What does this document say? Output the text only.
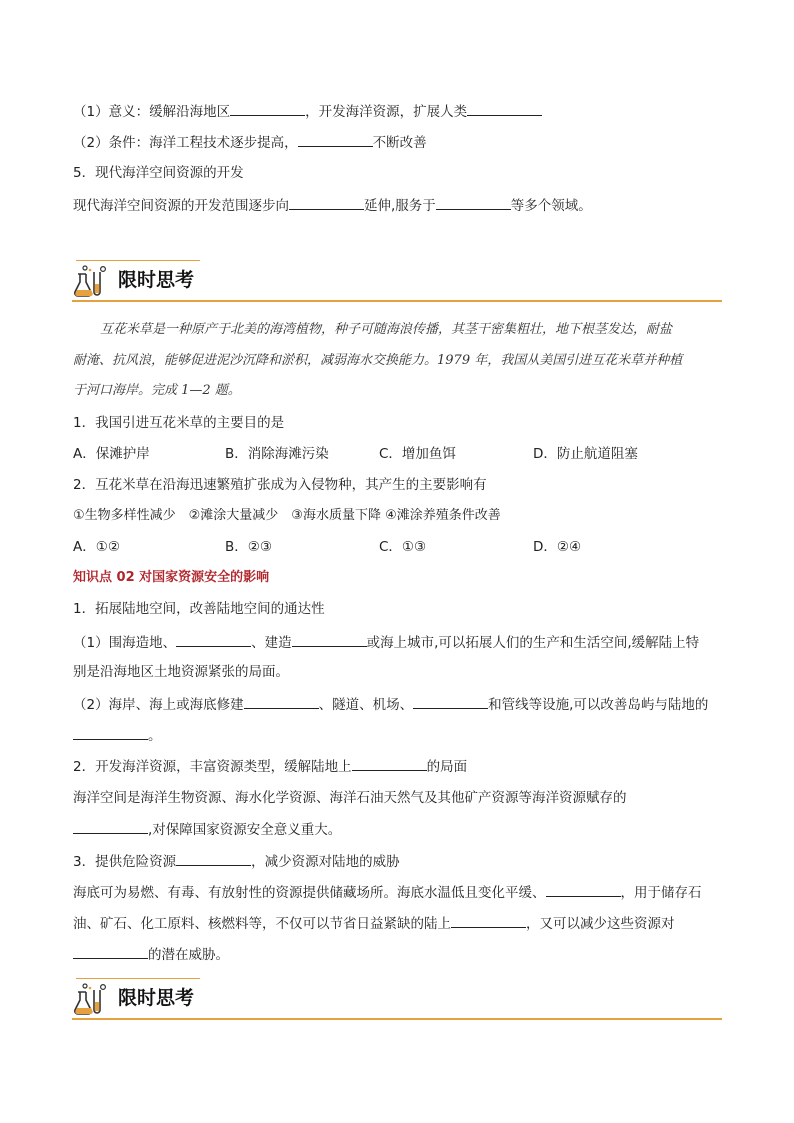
（1）意义：缓解沿海地区	，开发海洋资源，扩展人类
（2）条件：海洋工程技术逐步提高，	不断改善
5．现代海洋空间资源的开发
现代海洋空间资源的开发范围逐步向	延伸,服务于	等多个领域。
限时思考
互花米草是一种原产于北美的海湾植物，种子可随海浪传播，其茎干密集粗壮，地下根茎发达，耐盐
耐淹、抗风浪，能够促进泥沙沉降和淤积，减弱海水交换能力。1979 年，我国从美国引进互花米草并种植
于河口海岸。完成 1—2 题。
1．我国引进互花米草的主要目的是
A．保滩护岸	B．消除海滩污染	C．增加鱼饵	D．防止航道阻塞
2．互花米草在沿海迅速繁殖扩张成为入侵物种，其产生的主要影响有
①生物多样性减少　②滩涂大量减少　③海水质量下降 ④滩涂养殖条件改善
A．①②	B．②③	C．①③	D．②④
知识点 02 对国家资源安全的影响
1．拓展陆地空间，改善陆地空间的通达性
（1）围海造地、	、建造	或海上城市,可以拓展人们的生产和生活空间,缓解陆上特
别是沿海地区土地资源紧张的局面。
（2）海岸、海上或海底修建	、隧道、机场、	和管线等设施,可以改善岛屿与陆地的
。
2．开发海洋资源，丰富资源类型，缓解陆地上	的局面
海洋空间是海洋生物资源、海水化学资源、海洋石油天然气及其他矿产资源等海洋资源赋存的
,对保障国家资源安全意义重大。
3．提供危险资源	，减少资源对陆地的威胁
海底可为易燃、有毒、有放射性的资源提供储藏场所。海底水温低且变化平缓、	，用于储存石
油、矿石、化工原料、核燃料等，不仅可以节省日益紧缺的陆上	，又可以减少这些资源对
的潜在威胁。
限时思考
